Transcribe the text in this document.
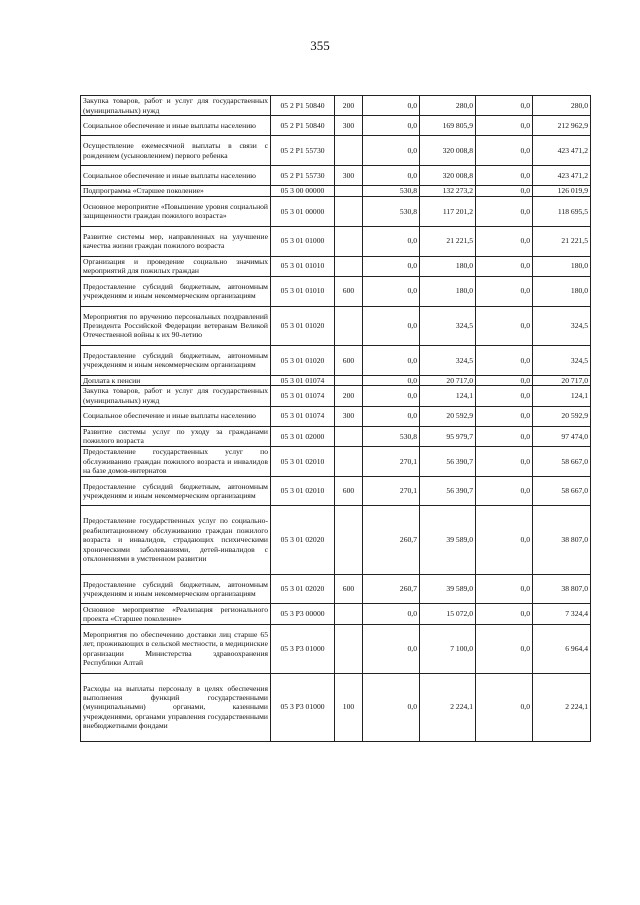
355
Закупка товаров, работ и услуг для государственных (муниципальных) нужд	05 2 P1 50840	200	0,0	280,0	0,0	280,0
Социальное обеспечение и иные выплаты населению	05 2 P1 50840	300	0,0	169 805,9	0,0	212 962,9
Осуществление ежемесячной выплаты в связи с рождением (усыновлением) первого ребенка	05 2 P1 55730		0,0	320 008,8	0,0	423 471,2
Социальное обеспечение и иные выплаты населению	05 2 P1 55730	300	0,0	320 008,8	0,0	423 471,2
Подпрограмма «Старшее поколение»	05 3 00 00000		530,8	132 273,2	0,0	126 019,9
Основное мероприятие «Повышение уровня социальной защищенности граждан пожилого возраста»	05 3 01 00000		530,8	117 201,2	0,0	118 695,5
Развитие системы мер, направленных на улучшение качества жизни граждан пожилого возраста	05 3 01 01000		0,0	21 221,5	0,0	21 221,5
Организация и проведение социально значимых мероприятий для пожилых граждан	05 3 01 01010		0,0	180,0	0,0	180,0
Предоставление субсидий бюджетным, автономным учреждениям и иным некоммерческим организациям	05 3 01 01010	600	0,0	180,0	0,0	180,0
Мероприятия по вручению персональных поздравлений Президента Российской Федерации ветеранам Великой Отечественной войны к их 90-летию	05 3 01 01020		0,0	324,5	0,0	324,5
Предоставление субсидий бюджетным, автономным учреждениям и иным некоммерческим организациям	05 3 01 01020	600	0,0	324,5	0,0	324,5
Доплата к пенсии	05 3 01 01074		0,0	20 717,0	0,0	20 717,0
Закупка товаров, работ и услуг для государственных (муниципальных) нужд	05 3 01 01074	200	0,0	124,1	0,0	124,1
Социальное обеспечение и иные выплаты населению	05 3 01 01074	300	0,0	20 592,9	0,0	20 592,9
Развитие системы услуг по уходу за гражданами пожилого возраста	05 3 01 02000		530,8	95 979,7	0,0	97 474,0
Предоставление государственных услуг по обслуживанию граждан пожилого возраста и инвалидов на базе домов-интернатов	05 3 01 02010		270,1	56 390,7	0,0	58 667,0
Предоставление субсидий бюджетным, автономным учреждениям и иным некоммерческим организациям	05 3 01 02010	600	270,1	56 390,7	0,0	58 667,0
Предоставление государственных услуг по социально-реабилитационному обслуживанию граждан пожилого возраста и инвалидов, страдающих психическими хроническими заболеваниями, детей-инвалидов с отклонениями в умственном развитии	05 3 01 02020		260,7	39 589,0	0,0	38 807,0
Предоставление субсидий бюджетным, автономным учреждениям и иным некоммерческим организациям	05 3 01 02020	600	260,7	39 589,0	0,0	38 807,0
Основное мероприятие «Реализация регионального проекта «Старшее поколение»	05 3 P3 00000		0,0	15 072,0	0,0	7 324,4
Мероприятия по обеспечению доставки лиц старше 65 лет, проживающих в сельской местности, в медицинские организации Министерства здравоохранения Республики Алтай	05 3 P3 01000		0,0	7 100,0	0,0	6 964,4
Расходы на выплаты персоналу в целях обеспечения выполнения функций государственными (муниципальными) органами, казенными учреждениями, органами управления государственными внебюджетными фондами	05 3 P3 01000	100	0,0	2 224,1	0,0	2 224,1
